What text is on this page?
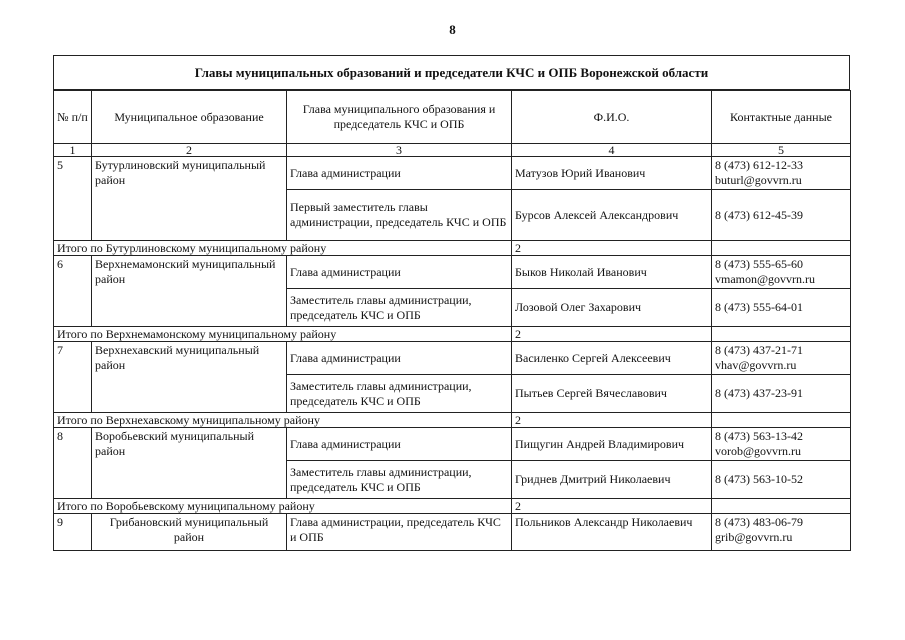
8
Главы муниципальных образований и председатели КЧС и ОПБ Воронежской области
№ п/п	Муниципальное образование	Глава муниципального образования и председатель КЧС и ОПБ	Ф.И.О.	Контактные данные
1	2	3	4	5
5	Бутурлиновский муниципальный район	Глава администрации	Матузов Юрий Иванович	8 (473) 612-12-33
buturl@govvrn.ru

		Первый заместитель главы администрации, председатель КЧС и ОПБ	Бурсов Алексей Александрович	8 (473) 612-45-39

Итого по Бутурлиновскому муниципальному району			2	
6	Верхнемамонский муниципальный район	Глава администрации	Быков Николай Иванович	8 (473) 555-65-60
vmamon@govvrn.ru

		Заместитель главы администрации, председатель КЧС и ОПБ	Лозовой Олег Захарович	8 (473) 555-64-01

Итого по Верхнемамонскому муниципальному району			2	
7	Верхнехавский муниципальный район	Глава администрации	Василенко Сергей Алексеевич	8 (473) 437-21-71
vhav@govvrn.ru

		Заместитель главы администрации, председатель КЧС и ОПБ	Пытьев Сергей Вячеславович	8 (473) 437-23-91

Итого по Верхнехавскому муниципальному району			2	
8	Воробьевский муниципальный район	Глава администрации	Пищугин Андрей Владимирович	8 (473) 563-13-42
vorob@govvrn.ru

		Заместитель главы администрации, председатель КЧС и ОПБ	Гриднев Дмитрий Николаевич	8 (473) 563-10-52

Итого по Воробьевскому муниципальному району			2	
9	Грибановский муниципальный район	Глава администрации, председатель КЧС и ОПБ	Польников Александр Николаевич	8 (473) 483-06-79
grib@govvrn.ru
